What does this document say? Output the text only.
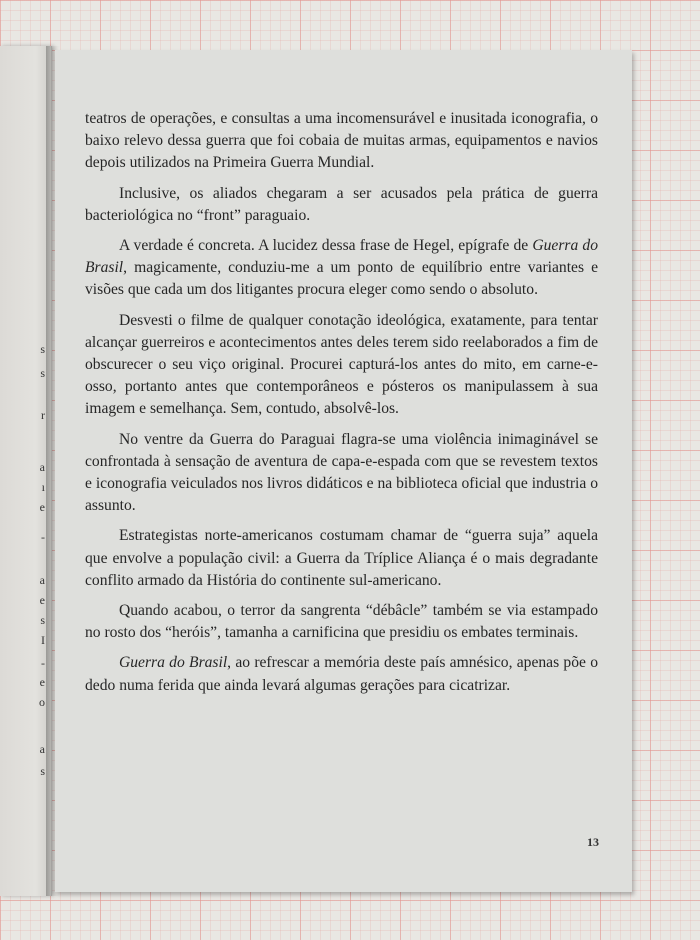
s
s
r
a
ı
e
-
a
e
s
I
-
e
o
a
s

teatros de operações, e consultas a uma incomensurável e inusitada iconografia, o baixo relevo dessa guerra que foi cobaia de muitas armas, equipamentos e navios depois utilizados na Primeira Guerra Mundial.

Inclusive, os aliados chegaram a ser acusados pela prática de guerra bacteriológica no “front” paraguaio.

A verdade é concreta. A lucidez dessa frase de Hegel, epígrafe de Guerra do Brasil, magicamente, conduziu-me a um ponto de equilíbrio entre variantes e visões que cada um dos litigantes procura eleger como sendo o absoluto.

Desvesti o filme de qualquer conotação ideológica, exatamente, para tentar alcançar guerreiros e acontecimentos antes deles terem sido reelaborados a fim de obscurecer o seu viço original. Procurei capturá-los antes do mito, em carne-e-osso, portanto antes que contemporâneos e pósteros os manipulassem à sua imagem e semelhança. Sem, contudo, absolvê-los.

No ventre da Guerra do Paraguai flagra-se uma violência inimaginável se confrontada à sensação de aventura de capa-e-espada com que se revestem textos e iconografia veiculados nos livros didáticos e na biblioteca oficial que industria o assunto.

Estrategistas norte-americanos costumam chamar de “guerra suja” aquela que envolve a população civil: a Guerra da Tríplice Aliança é o mais degradante conflito armado da História do continente sul-americano.

Quando acabou, o terror da sangrenta “débâcle” também se via estampado no rosto dos “heróis”, tamanha a carnificina que presidiu os embates terminais.

Guerra do Brasil, ao refrescar a memória deste país amnésico, apenas põe o dedo numa ferida que ainda levará algumas gerações para cicatrizar.

13
